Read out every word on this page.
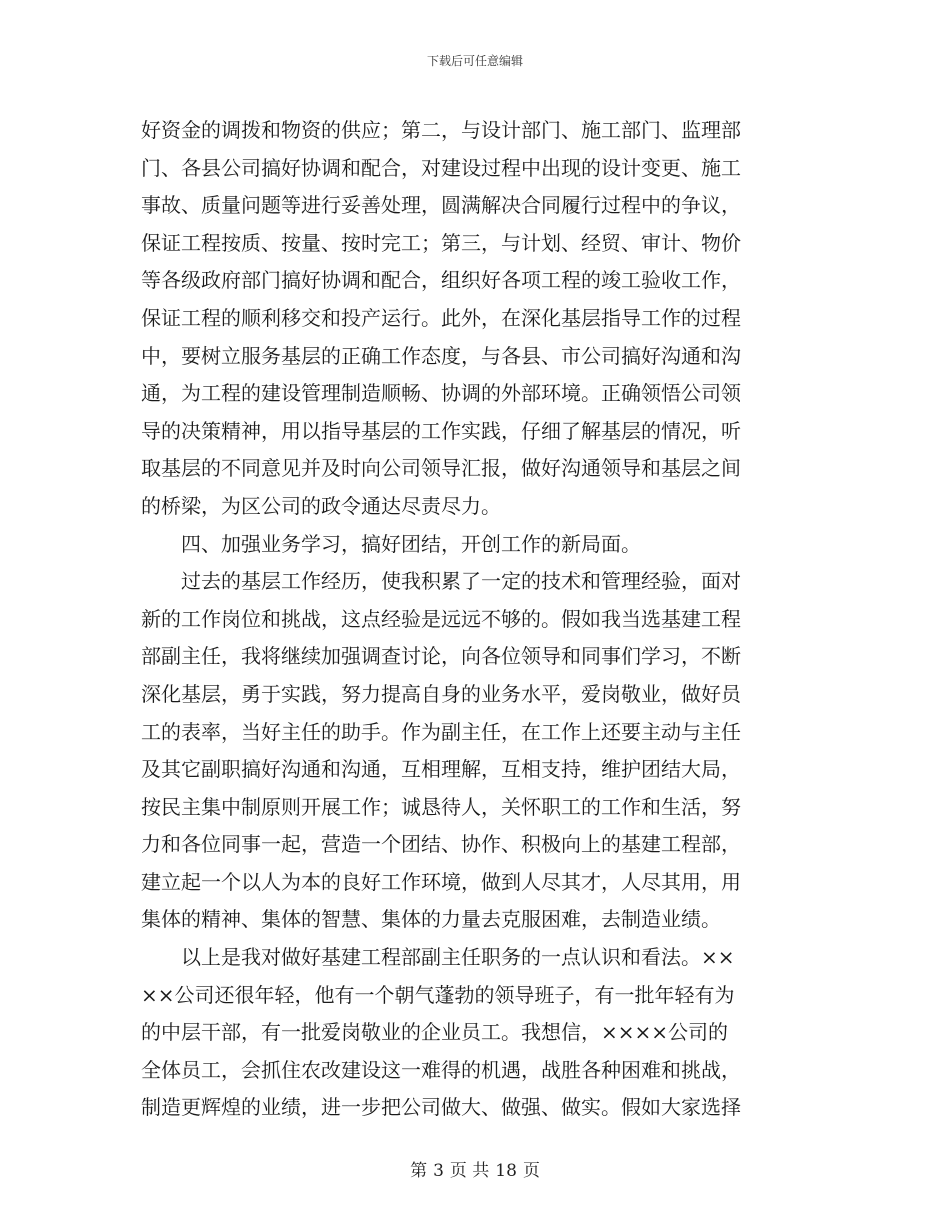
下载后可任意编辑
好资金的调拨和物资的供应；第二，与设计部门、施工部门、监理部
门、各县公司搞好协调和配合，对建设过程中出现的设计变更、施工
事故、质量问题等进行妥善处理，圆满解决合同履行过程中的争议，
保证工程按质、按量、按时完工；第三，与计划、经贸、审计、物价
等各级政府部门搞好协调和配合，组织好各项工程的竣工验收工作，
保证工程的顺利移交和投产运行。此外，在深化基层指导工作的过程
中，要树立服务基层的正确工作态度，与各县、市公司搞好沟通和沟
通，为工程的建设管理制造顺畅、协调的外部环境。正确领悟公司领
导的决策精神，用以指导基层的工作实践，仔细了解基层的情况，听
取基层的不同意见并及时向公司领导汇报，做好沟通领导和基层之间
的桥梁，为区公司的政令通达尽责尽力。
　　四、加强业务学习，搞好团结，开创工作的新局面。
　　过去的基层工作经历，使我积累了一定的技术和管理经验，面对
新的工作岗位和挑战，这点经验是远远不够的。假如我当选基建工程
部副主任，我将继续加强调查讨论，向各位领导和同事们学习，不断
深化基层，勇于实践，努力提高自身的业务水平，爱岗敬业，做好员
工的表率，当好主任的助手。作为副主任，在工作上还要主动与主任
及其它副职搞好沟通和沟通，互相理解，互相支持，维护团结大局，
按民主集中制原则开展工作；诚恳待人，关怀职工的工作和生活，努
力和各位同事一起，营造一个团结、协作、积极向上的基建工程部，
建立起一个以人为本的良好工作环境，做到人尽其才，人尽其用，用
集体的精神、集体的智慧、集体的力量去克服困难，去制造业绩。
　　以上是我对做好基建工程部副主任职务的一点认识和看法。××
××公司还很年轻，他有一个朝气蓬勃的领导班子，有一批年轻有为
的中层干部，有一批爱岗敬业的企业员工。我想信，××××公司的
全体员工，会抓住农改建设这一难得的机遇，战胜各种困难和挑战，
制造更辉煌的业绩，进一步把公司做大、做强、做实。假如大家选择
第 3 页 共 18 页
